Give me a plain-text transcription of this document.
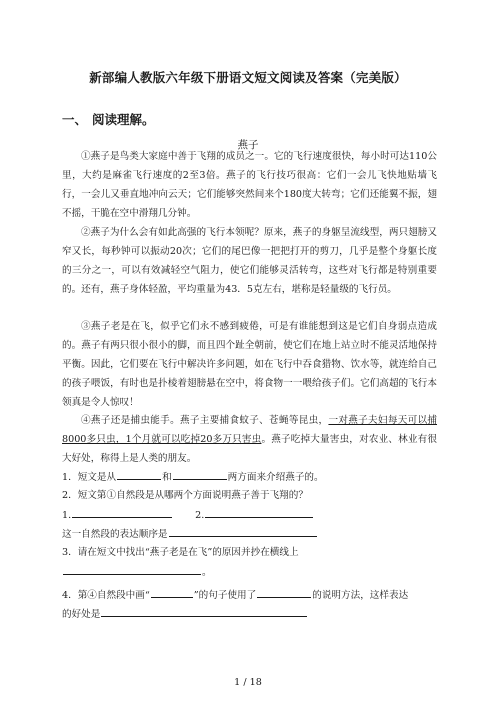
新部编人教版六年级下册语文短文阅读及答案（完美版）
一、 阅读理解。
燕子

①燕子是鸟类大家庭中善于飞翔的成员之一。它的飞行速度很快，每小时可达110公里，大约是麻雀飞行速度的2至3倍。燕子的飞行技巧很高：它们一会儿飞快地贴墙飞行，一会儿又垂直地冲向云天；它们能够突然间来个180度大转弯；它们还能翼不振，翅不摇，干脆在空中滑翔几分钟。

②燕子为什么会有如此高强的飞行本领呢？原来，燕子的身躯呈流线型，两只翅膀又窄又长，每秒钟可以振动20次；它们的尾巴像一把把打开的剪刀，几乎是整个身躯长度的三分之一，可以有效减轻空气阻力，使它们能够灵活转弯，这些对飞行都是特别重要的。还有，燕子身体轻盈，平均重量为43．5克左右，堪称是轻量级的飞行员。

③燕子老是在飞，似乎它们永不感到疲倦，可是有谁能想到这是它们自身弱点造成的。燕子有两只很小很小的脚，而且四个趾全朝前，使它们在地上站立时不能灵活地保持平衡。因此，它们要在飞行中解决许多问题，如在飞行中吞食猎物、饮水等，就连给自己的孩子喂饭，有时也是扑棱着翅膀悬在空中，将食物一一喂给孩子们。它们高超的飞行本领真是令人惊叹！

④燕子还是捕虫能手。燕子主要捕食蚊子、苍蝇等昆虫，一对燕子夫妇每天可以捕8000多只虫，1个月就可以吃掉20多万只害虫。燕子吃掉大量害虫，对农业、林业有很大好处，称得上是人类的朋友。

1．短文是从	和	两方面来介绍燕子的。

2．短文第①自然段是从哪两个方面说明燕子善于飞翔的？

1.	2.

这一自然段的表达顺序是

3．请在短文中找出“燕子老是在飞”的原因并抄在横线上

。

4．第④自然段中画“	”的句子使用了	的说明方法，这样表达

的好处是

1 / 18
